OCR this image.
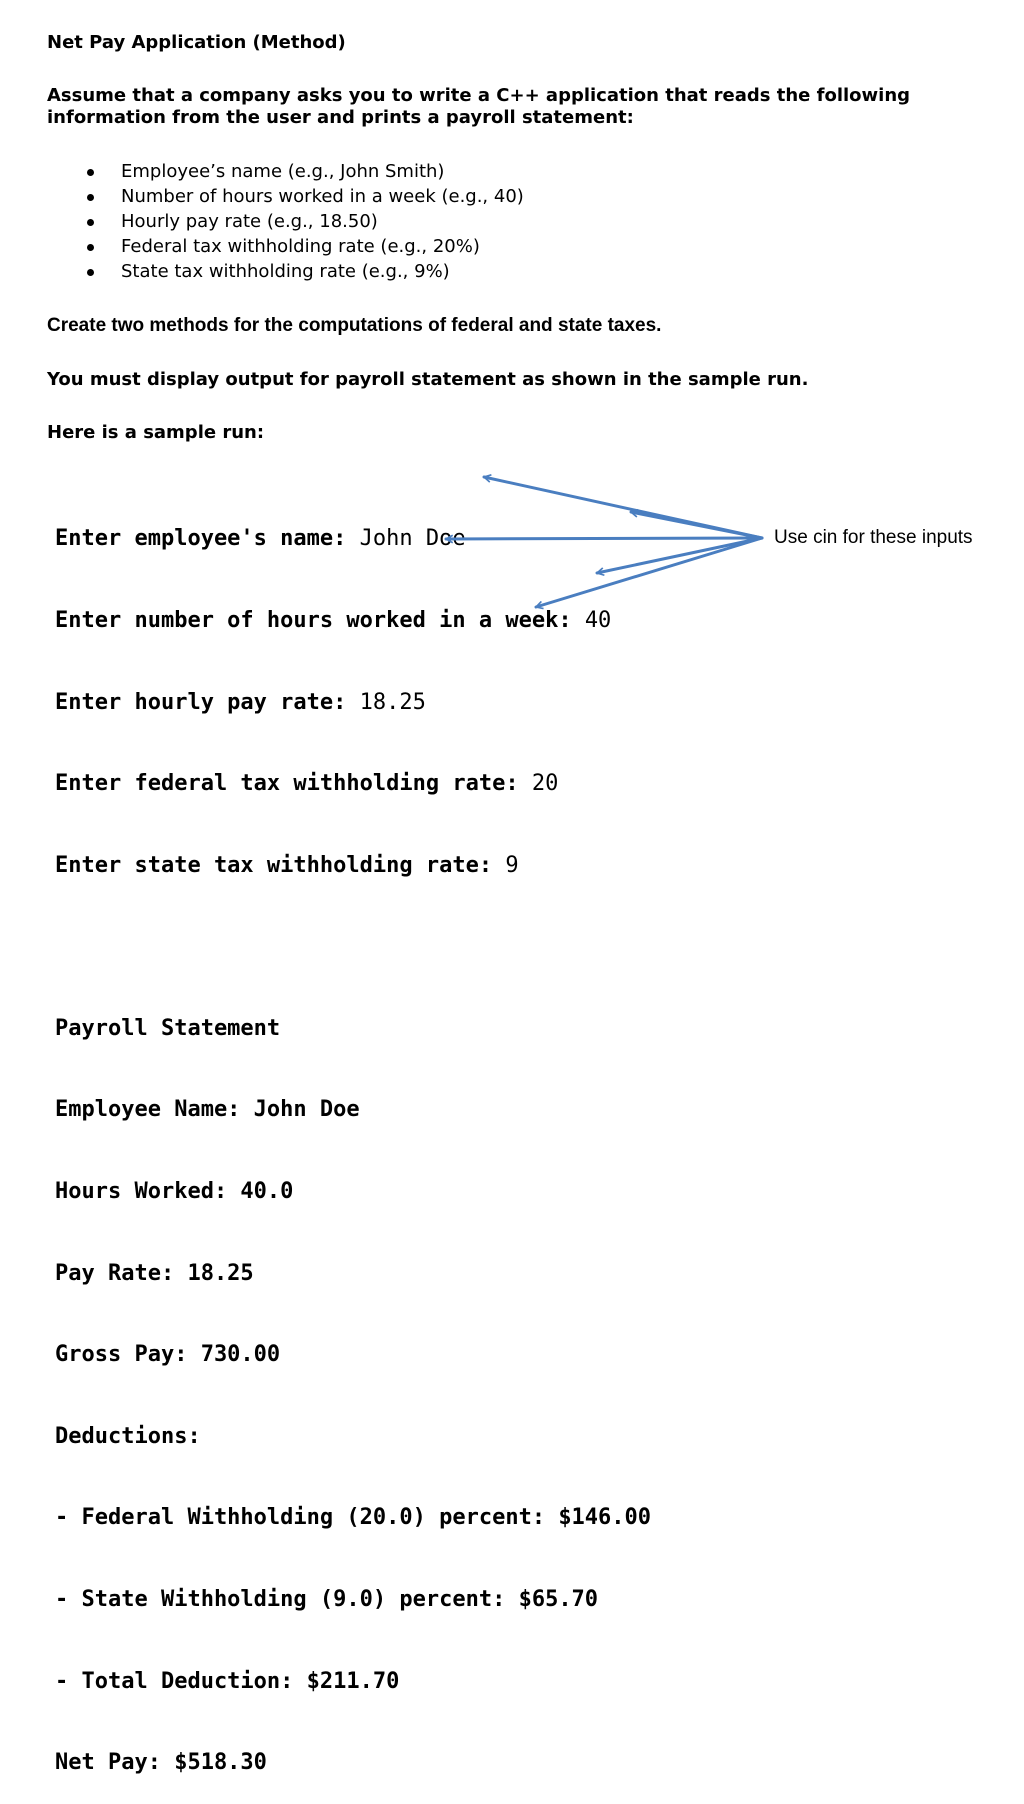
Net Pay Application (Method)
Assume that a company asks you to write a C++ application that reads the following information from the user and prints a payroll statement:
Employee’s name (e.g., John Smith)
Number of hours worked in a week (e.g., 40)
Hourly pay rate (e.g., 18.50)
Federal tax withholding rate (e.g., 20%)
State tax withholding rate (e.g., 9%)
Create two methods for the computations of federal and state taxes.
You must display output for payroll statement as shown in the sample run.
Here is a sample run:

Enter employee's name: John Doe

Enter number of hours worked in a week: 40

Enter hourly pay rate: 18.25

Enter federal tax withholding rate: 20

Enter state tax withholding rate: 9

Payroll Statement

Employee Name: John Doe

Hours Worked: 40.0

Pay Rate: 18.25

Gross Pay: 730.00

Deductions:

- Federal Withholding (20.0) percent: $146.00

- State Withholding (9.0) percent: $65.70

- Total Deduction: $211.70

Net Pay: $518.30

Use cin for these inputs
